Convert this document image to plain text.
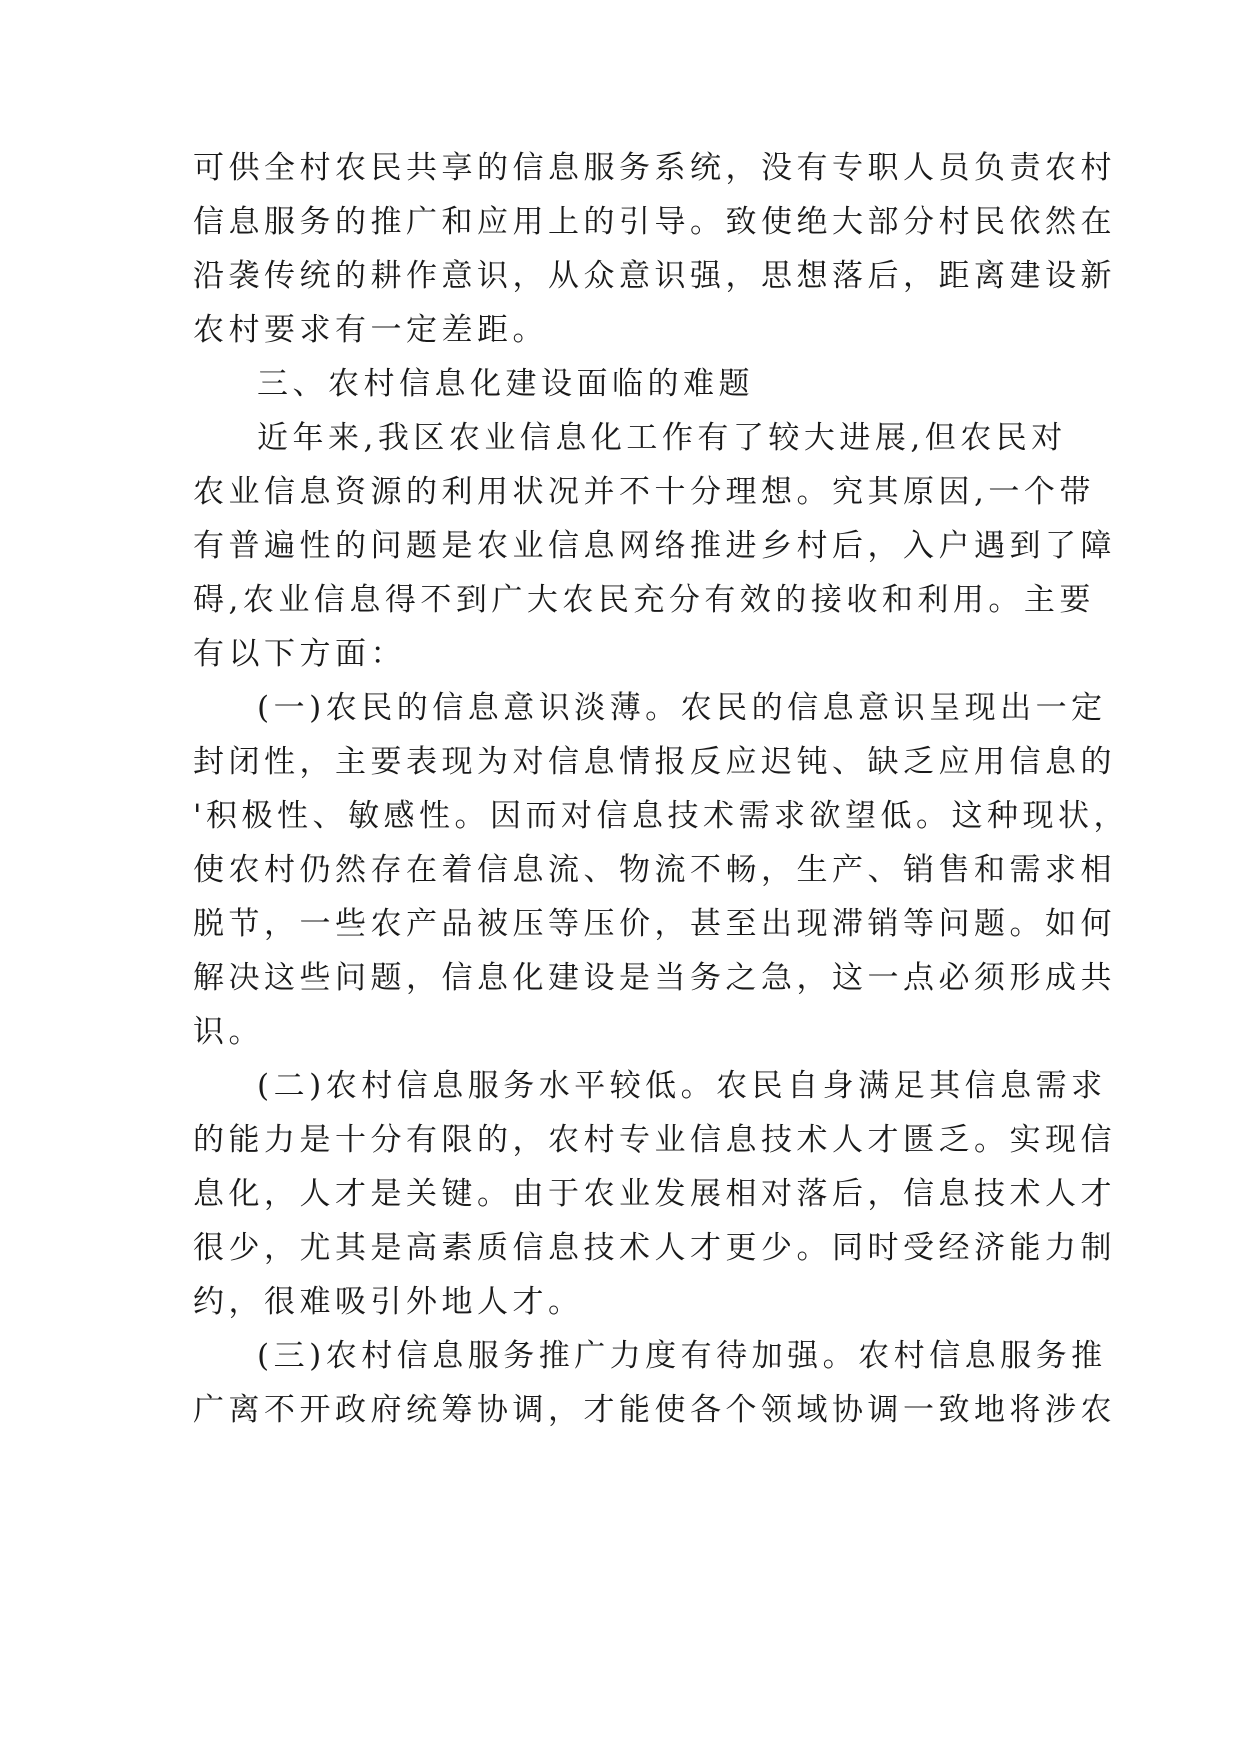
可供全村农民共享的信息服务系统，没有专职人员负责农村
信息服务的推广和应用上的引导。致使绝大部分村民依然在
沿袭传统的耕作意识，从众意识强，思想落后，距离建设新
农村要求有一定差距。
三、农村信息化建设面临的难题
近年来,我区农业信息化工作有了较大进展,但农民对
农业信息资源的利用状况并不十分理想。究其原因,一个带
有普遍性的问题是农业信息网络推进乡村后，入户遇到了障
碍,农业信息得不到广大农民充分有效的接收和利用。主要
有以下方面：
(一)农民的信息意识淡薄。农民的信息意识呈现出一定
封闭性，主要表现为对信息情报反应迟钝、缺乏应用信息的
'积极性、敏感性。因而对信息技术需求欲望低。这种现状，
使农村仍然存在着信息流、物流不畅，生产、销售和需求相
脱节，一些农产品被压等压价，甚至出现滞销等问题。如何
解决这些问题，信息化建设是当务之急，这一点必须形成共
识。
(二)农村信息服务水平较低。农民自身满足其信息需求
的能力是十分有限的，农村专业信息技术人才匮乏。实现信
息化，人才是关键。由于农业发展相对落后，信息技术人才
很少，尤其是高素质信息技术人才更少。同时受经济能力制
约，很难吸引外地人才。
(三)农村信息服务推广力度有待加强。农村信息服务推
广离不开政府统筹协调，才能使各个领域协调一致地将涉农
